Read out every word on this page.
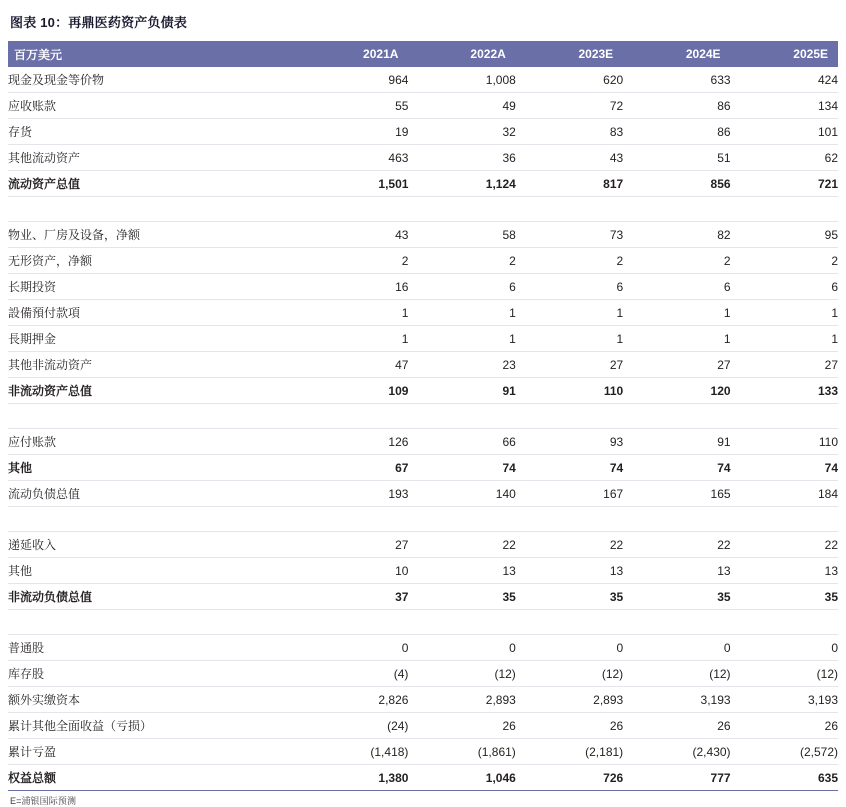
图表 10：再鼎医药资产负债表
百万美元	2021A	2022A	2023E	2024E	2025E
现金及现金等价物	964	1,008	620	633	424
应收账款	55	49	72	86	134
存货	19	32	83	86	101
其他流动资产	463	36	43	51	62
流动资产总值	1,501	1,124	817	856	721

物业、厂房及设备，净额	43	58	73	82	95
无形资产，净额	2	2	2	2	2
长期投资	16	6	6	6	6
設備預付款項	1	1	1	1	1
長期押金	1	1	1	1	1
其他非流动资产	47	23	27	27	27
非流动资产总值	109	91	110	120	133

应付账款	126	66	93	91	110
其他	67	74	74	74	74
流动负债总值	193	140	167	165	184

递延收入	27	22	22	22	22
其他	10	13	13	13	13
非流动负债总值	37	35	35	35	35

普通股	0	0	0	0	0
库存股	(4)	(12)	(12)	(12)	(12)
额外实缴资本	2,826	2,893	2,893	3,193	3,193
累计其他全面收益（亏损）	(24)	26	26	26	26
累计亏盈	(1,418)	(1,861)	(2,181)	(2,430)	(2,572)
权益总额	1,380	1,046	726	777	635
E=浦银国际预测
